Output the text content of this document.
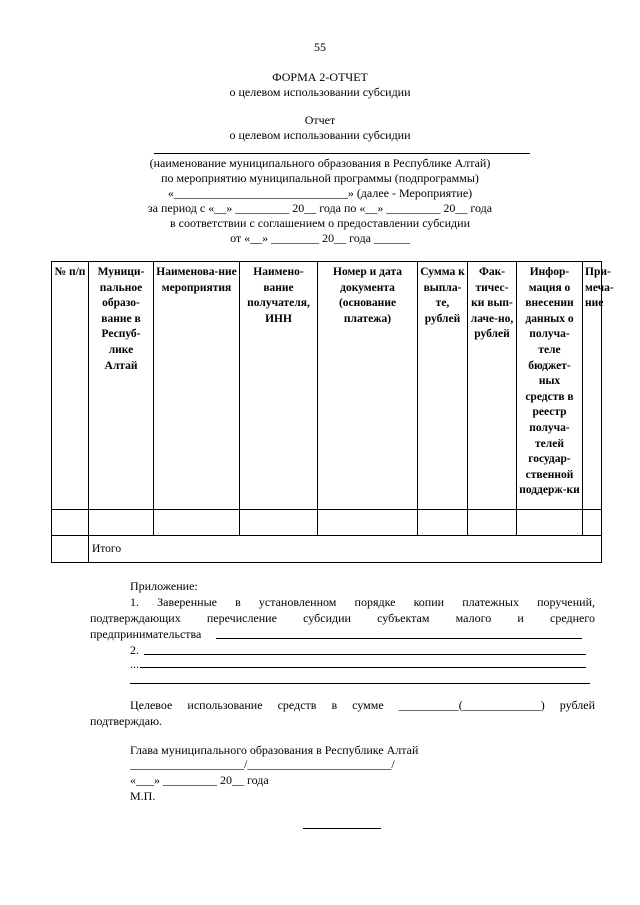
55
ФОРМА 2-ОТЧЕТ
о целевом использовании субсидии
Отчет
о целевом использовании субсидии
(наименование муниципального образования в Республике Алтай)
по мероприятию муниципальной программы (подпрограммы)
«_____________________________» (далее - Мероприятие)
за период с «__» _________ 20__ года по «__» _________ 20__ года
в соответствии с соглашением о предоставлении субсидии
от «__» ________ 20__ года ______
№ п/п	Муници-пальное образо-вание в Респуб-лике Алтай	Наименова-ние мероприятия	Наимено-вание получателя, ИНН	Номер и дата документа (основание платежа)	Сумма к выпла-те, рублей	Фак-тичес-ки вып-лаче-но, рублей	Инфор-мация о внесении данных о получа-теле бюджет-ных средств в реестр получа-телей государ-ственной поддерж-ки	При-меча-ние

	Итого							
Приложение:
1. Заверенные в установленном порядке копии платежных поручений,
подтверждающих перечисление субсидии субъектам малого и среднего
предпринимательства
2.
...
Целевое использование средств в сумме __________(_____________) рублей
подтверждаю.
Глава муниципального образования в Республике Алтай
___________________/________________________/
«___» _________ 20__ года
М.П.
